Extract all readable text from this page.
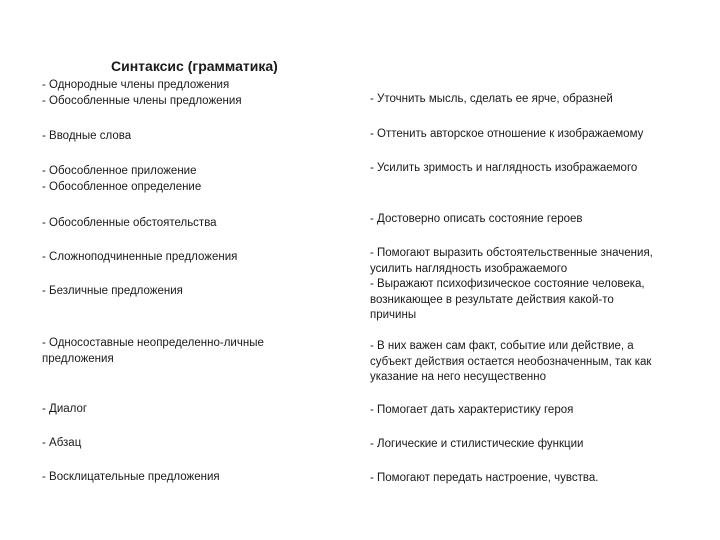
Синтаксис (грамматика)
- Однородные члены предложения
- Обособленные члены предложения
- Вводные слова
- Обособленное приложение
- Обособленное определение
- Обособленные обстоятельства
- Сложноподчиненные предложения
- Безличные предложения
- Односоставные неопределенно-личные
предложения
- Диалог
- Абзац
- Восклицательные предложения
- Уточнить мысль, сделать ее ярче, образней
- Оттенить авторское отношение к изображаемому
- Усилить зримость и наглядность изображаемого
- Достоверно описать состояние героев
- Помогают выразить обстоятельственные значения,
усилить наглядность изображаемого
- Выражают психофизическое состояние человека,
возникающее в результате действия какой-то
причины
- В них важен сам факт, событие или действие, а
субъект действия остается необозначенным, так как
указание на него несущественно
- Помогает дать характеристику героя
- Логические и стилистические функции
- Помогают передать настроение, чувства.
